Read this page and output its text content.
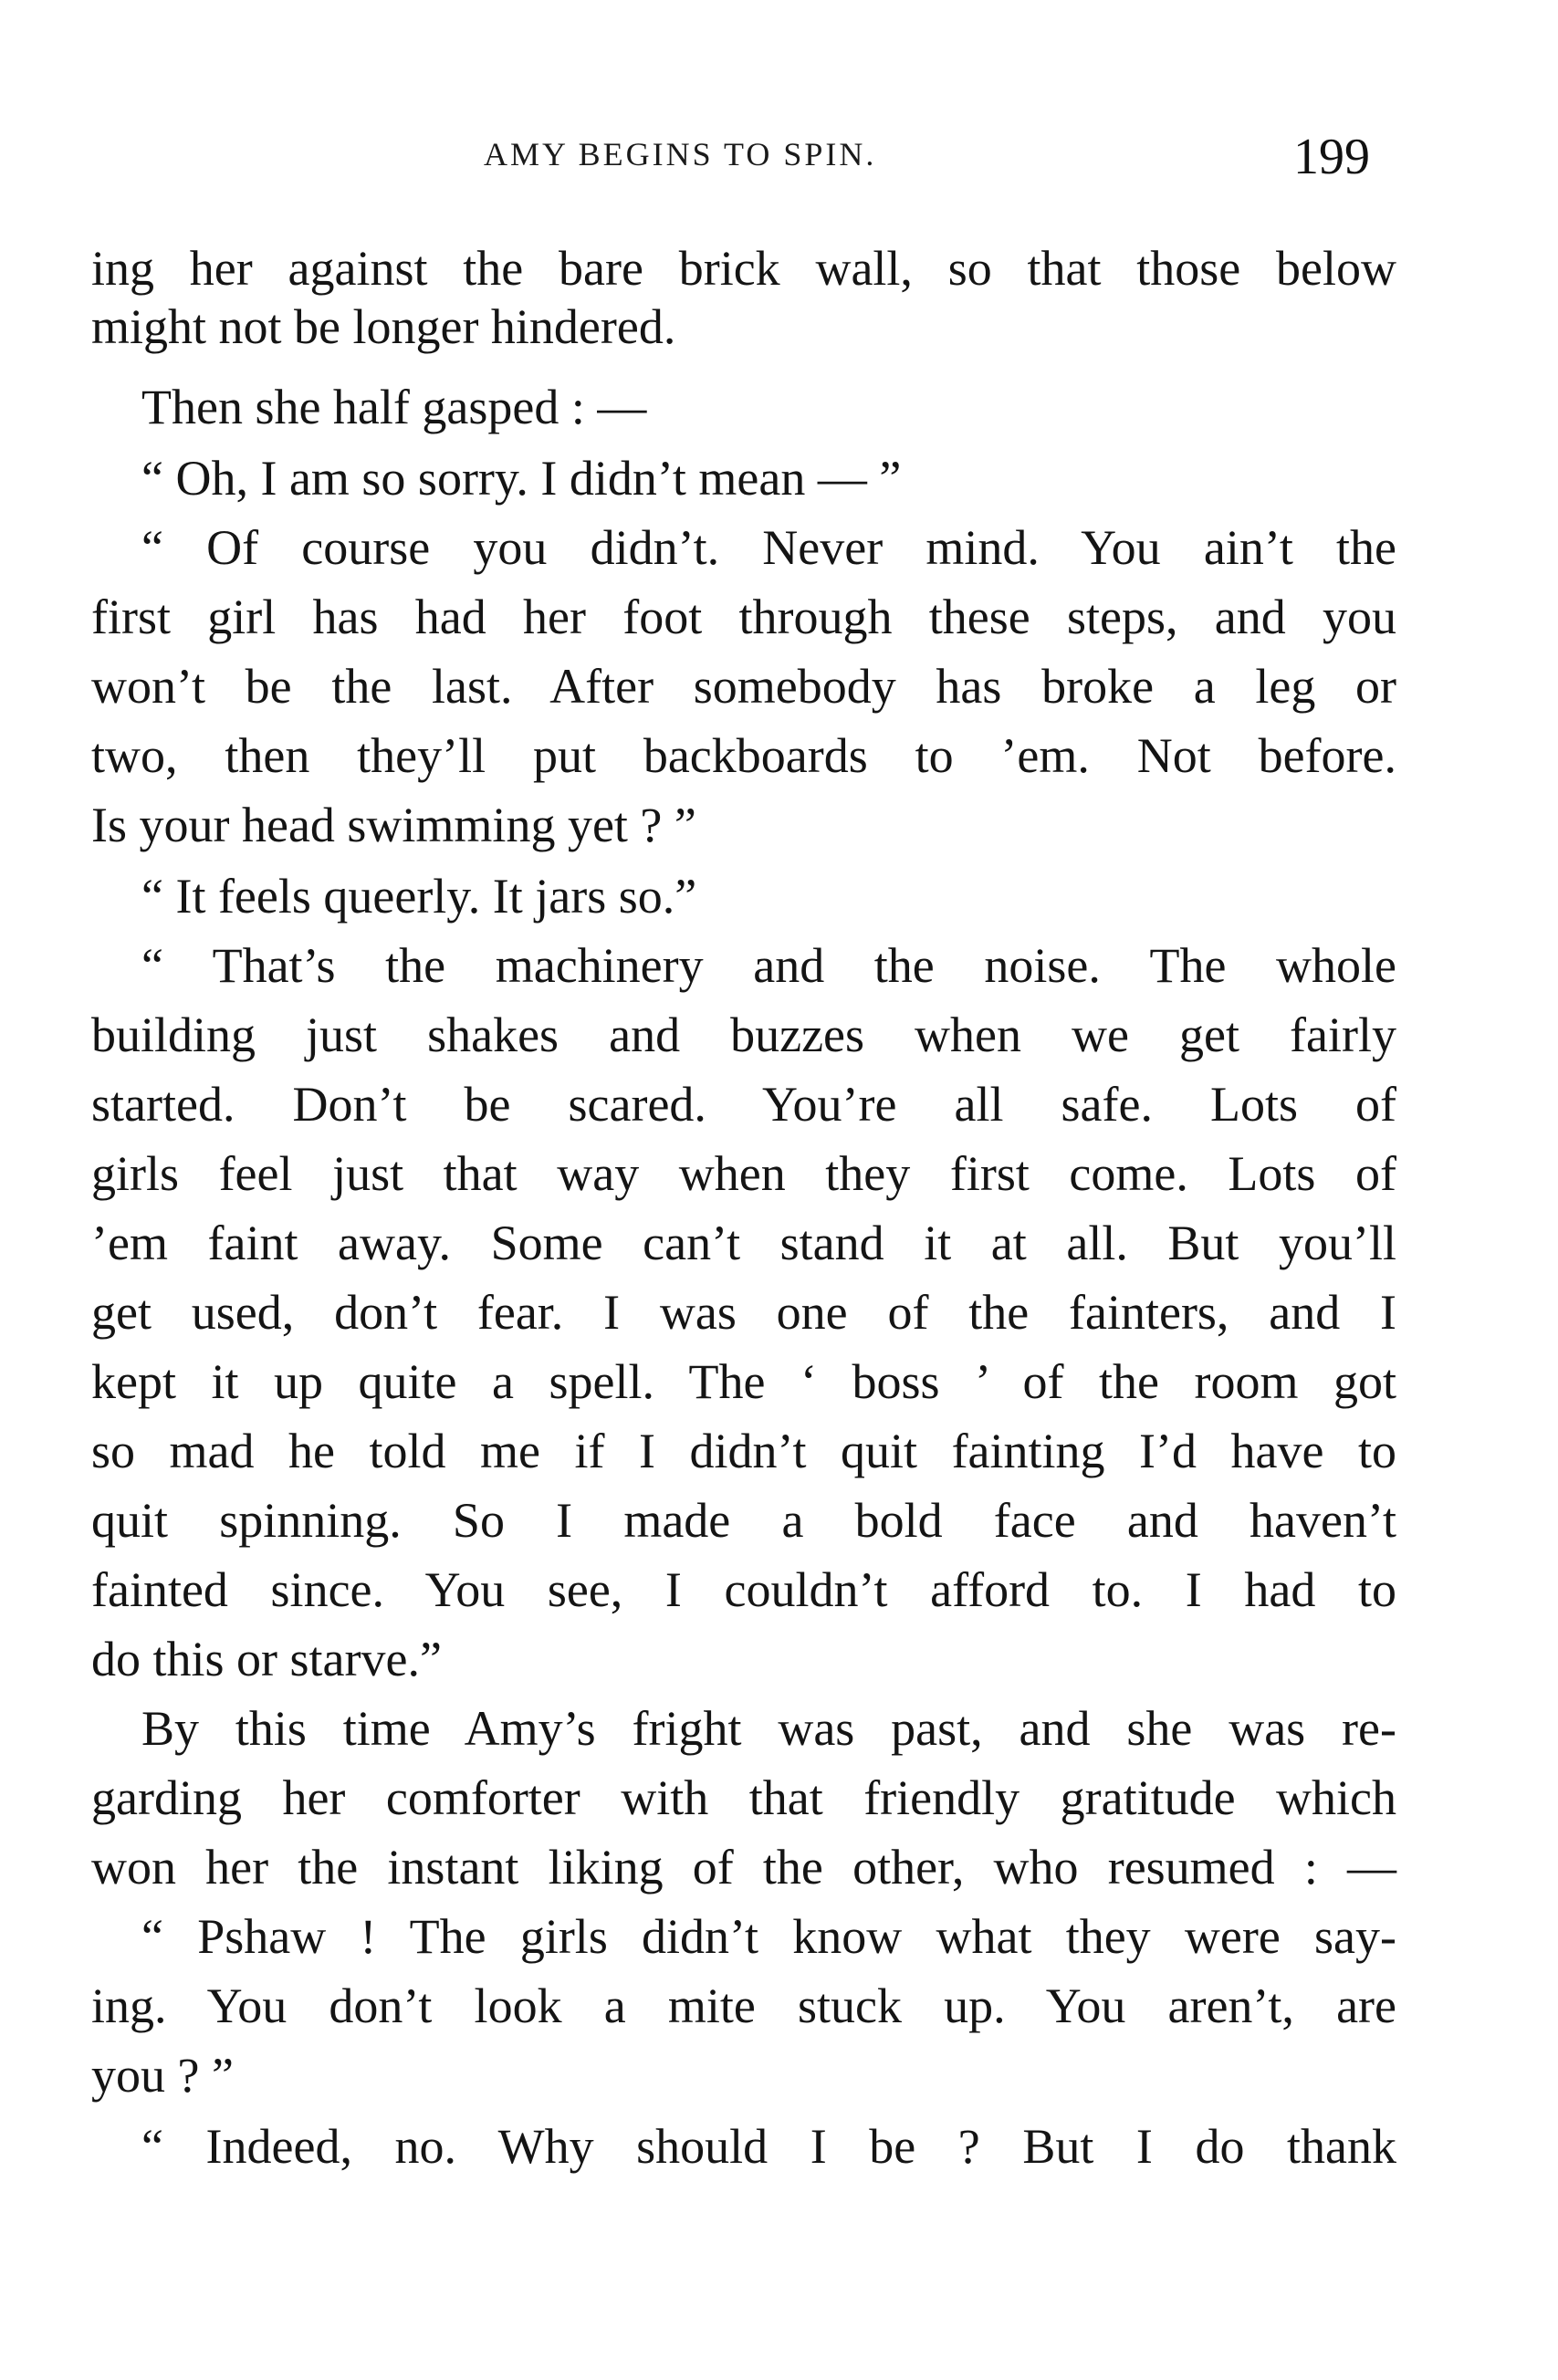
AMY BEGINS TO SPIN.	199
ing her against the bare brick wall, so that those below
might not be longer hindered.
Then she half gasped : —
“ Oh, I am so sorry. I didn’t mean — ”
“ Of course you didn’t. Never mind. You ain’t the
first girl has had her foot through these steps, and you
won’t be the last. After somebody has broke a leg or
two, then they’ll put backboards to ’em. Not before.
Is your head swimming yet ? ”
“ It feels queerly. It jars so.”
“ That’s the machinery and the noise. The whole
building just shakes and buzzes when we get fairly
started. Don’t be scared. You’re all safe. Lots of
girls feel just that way when they first come. Lots of
’em faint away. Some can’t stand it at all. But you’ll
get used, don’t fear. I was one of the fainters, and I
kept it up quite a spell. The ‘ boss ’ of the room got
so mad he told me if I didn’t quit fainting I’d have to
quit spinning. So I made a bold face and haven’t
fainted since. You see, I couldn’t afford to. I had to
do this or starve.”
By this time Amy’s fright was past, and she was re-
garding her comforter with that friendly gratitude which
won her the instant liking of the other, who resumed : —
“ Pshaw ! The girls didn’t know what they were say-
ing. You don’t look a mite stuck up. You aren’t, are
you ? ”
“ Indeed, no. Why should I be ? But I do thank
